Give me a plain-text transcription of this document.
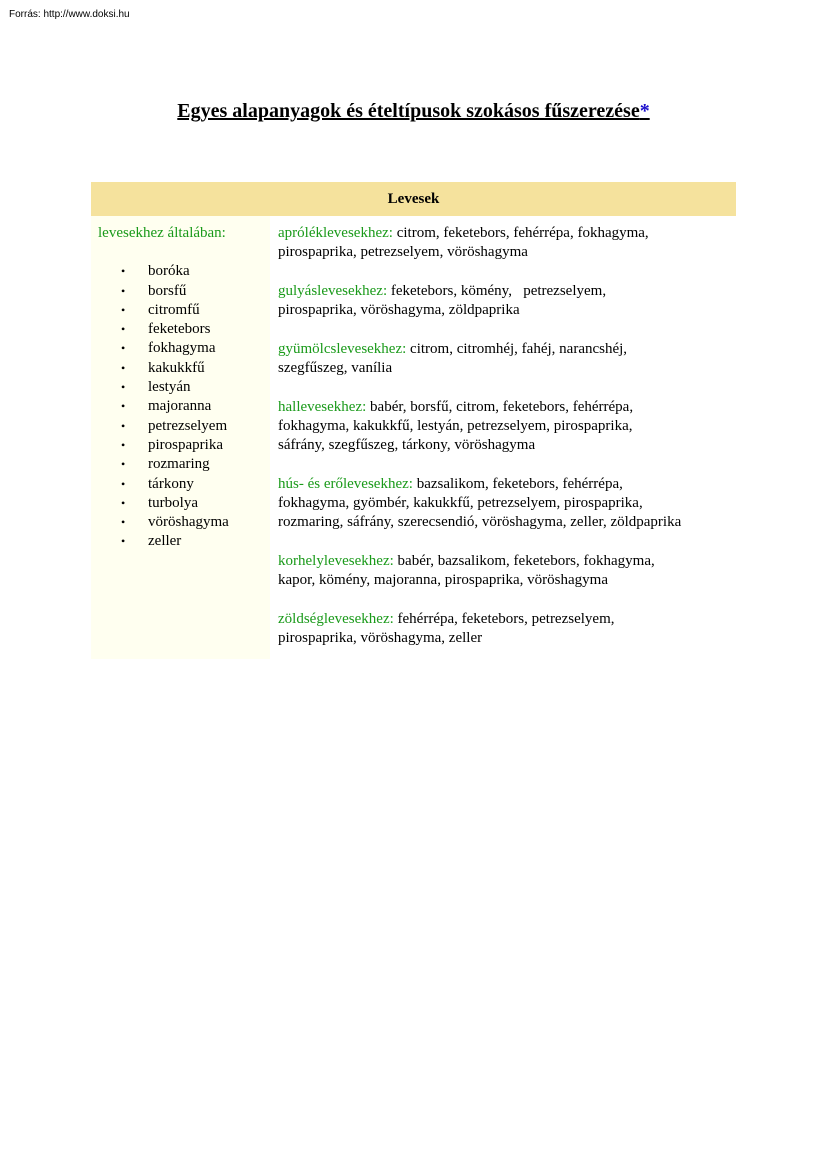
Forrás: http://www.doksi.hu
Egyes alapanyagok és ételtípusok szokásos fűszerezése*
Levesek
levesekhez általában:
• boróka
• borsfű
• citromfű
• feketebors
• fokhagyma
• kakukkfű
• lestyán
• majoranna
• petrezselyem
• pirospaprika
• rozmaring
• tárkony
• turbolya
• vöröshagyma
• zeller
apróléklevesekhez: citrom, feketebors, fehérrépa, fokhagyma,
pirospaprika, petrezselyem, vöröshagyma
gulyáslevesekhez: feketebors, kömény,   petrezselyem,
pirospaprika, vöröshagyma, zöldpaprika
gyümölcslevesekhez: citrom, citromhéj, fahéj, narancshéj,
szegfűszeg, vanília
hallevesekhez: babér, borsfű, citrom, feketebors, fehérrépa,
fokhagyma, kakukkfű, lestyán, petrezselyem, pirospaprika,
sáfrány, szegfűszeg, tárkony, vöröshagyma
hús- és erőlevesekhez: bazsalikom, feketebors, fehérrépa,
fokhagyma, gyömbér, kakukkfű, petrezselyem, pirospaprika,
rozmaring, sáfrány, szerecsendió, vöröshagyma, zeller, zöldpaprika
korhelylevesekhez: babér, bazsalikom, feketebors, fokhagyma,
kapor, kömény, majoranna, pirospaprika, vöröshagyma
zöldséglevesekhez: fehérrépa, feketebors, petrezselyem,
pirospaprika, vöröshagyma, zeller
